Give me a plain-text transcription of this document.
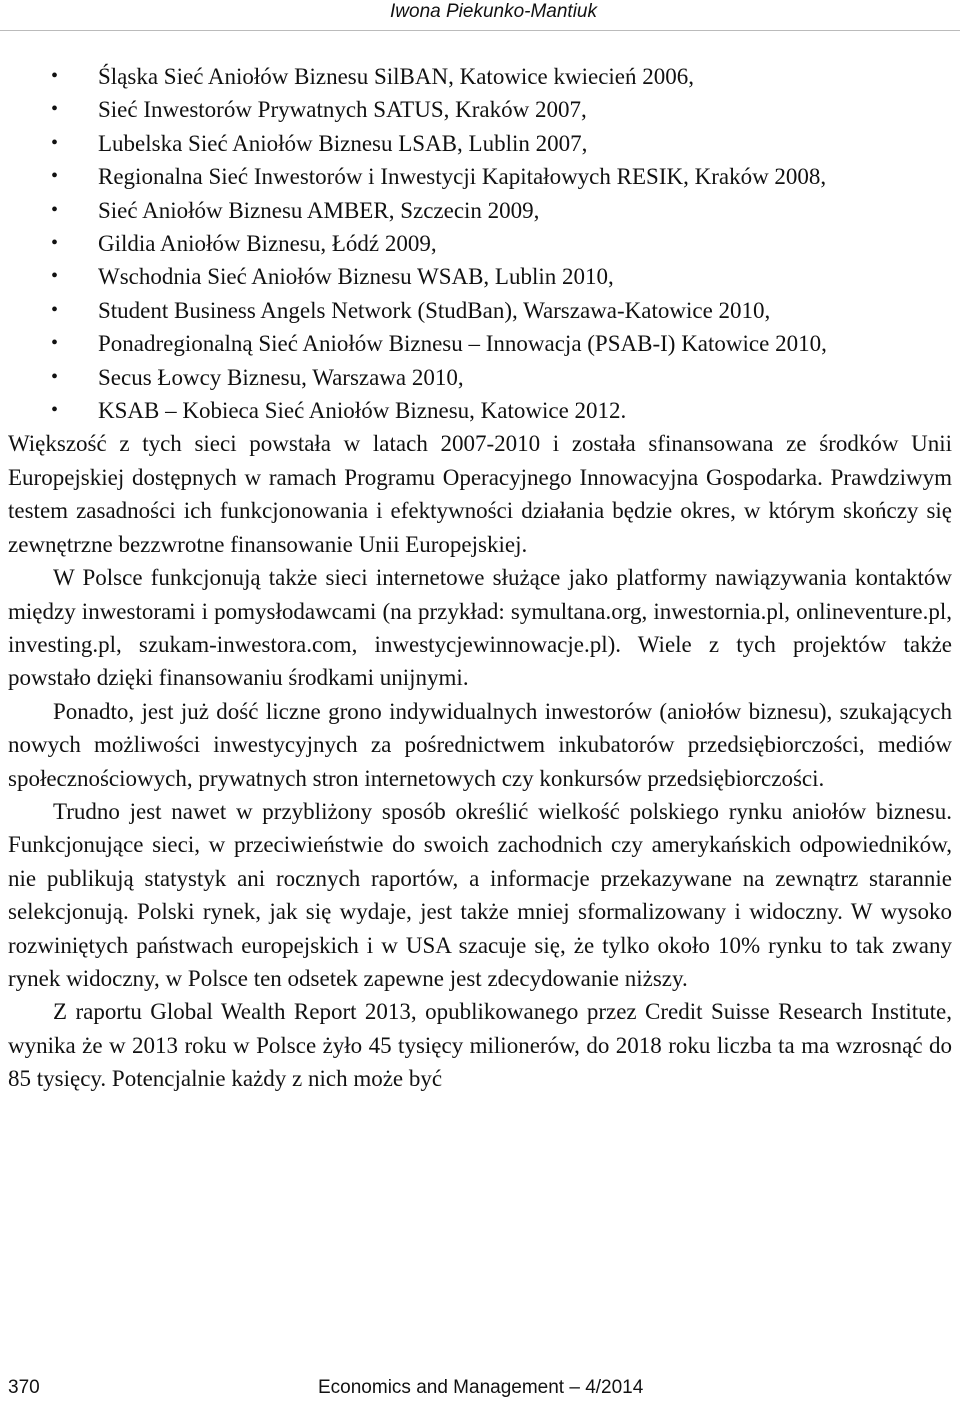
Iwona Piekunko-Mantiuk
• Śląska Sieć Aniołów Biznesu SilBAN, Katowice kwiecień 2006,
• Sieć Inwestorów Prywatnych SATUS, Kraków 2007,
• Lubelska Sieć Aniołów Biznesu LSAB, Lublin 2007,
• Regionalna Sieć Inwestorów i Inwestycji Kapitałowych RESIK, Kraków 2008,
• Sieć Aniołów Biznesu AMBER, Szczecin 2009,
• Gildia Aniołów Biznesu, Łódź 2009,
• Wschodnia Sieć Aniołów Biznesu WSAB, Lublin 2010,
• Student Business Angels Network (StudBan), Warszawa-Katowice 2010,
• Ponadregionalną Sieć Aniołów Biznesu – Innowacja (PSAB-I) Katowice 2010,
• Secus Łowcy Biznesu, Warszawa 2010,
• KSAB – Kobieca Sieć Aniołów Biznesu, Katowice 2012.

Większość z tych sieci powstała w latach 2007-2010 i została sfinansowana ze środków Unii Europejskiej dostępnych w ramach Programu Operacyjnego Innowacyjna Gospodarka. Prawdziwym testem zasadności ich funkcjonowania i efektywności działania będzie okres, w którym skończy się zewnętrzne bezzwrotne finansowanie Unii Europejskiej.

W Polsce funkcjonują także sieci internetowe służące jako platformy nawiązywania kontaktów między inwestorami i pomysłodawcami (na przykład: symultana.org, inwestornia.pl, onlineventure.pl, investing.pl, szukam-inwestora.com, inwestycjewinnowacje.pl). Wiele z tych projektów także powstało dzięki finansowaniu środkami unijnymi.

Ponadto, jest już dość liczne grono indywidualnych inwestorów (aniołów biznesu), szukających nowych możliwości inwestycyjnych za pośrednictwem inkubatorów przedsiębiorczości, mediów społecznościowych, prywatnych stron internetowych czy konkursów przedsiębiorczości.

Trudno jest nawet w przybliżony sposób określić wielkość polskiego rynku aniołów biznesu. Funkcjonujące sieci, w przeciwieństwie do swoich zachodnich czy amerykańskich odpowiedników, nie publikują statystyk ani rocznych raportów, a informacje przekazywane na zewnątrz starannie selekcjonują. Polski rynek, jak się wydaje, jest także mniej sformalizowany i widoczny. W wysoko rozwiniętych państwach europejskich i w USA szacuje się, że tylko około 10% rynku to tak zwany rynek widoczny, w Polsce ten odsetek zapewne jest zdecydowanie niższy.

Z raportu Global Wealth Report 2013, opublikowanego przez Credit Suisse Research Institute, wynika że w 2013 roku w Polsce żyło 45 tysięcy milionerów, do 2018 roku liczba ta ma wzrosnąć do 85 tysięcy. Potencjalnie każdy z nich może być

370	Economics and Management – 4/2014
